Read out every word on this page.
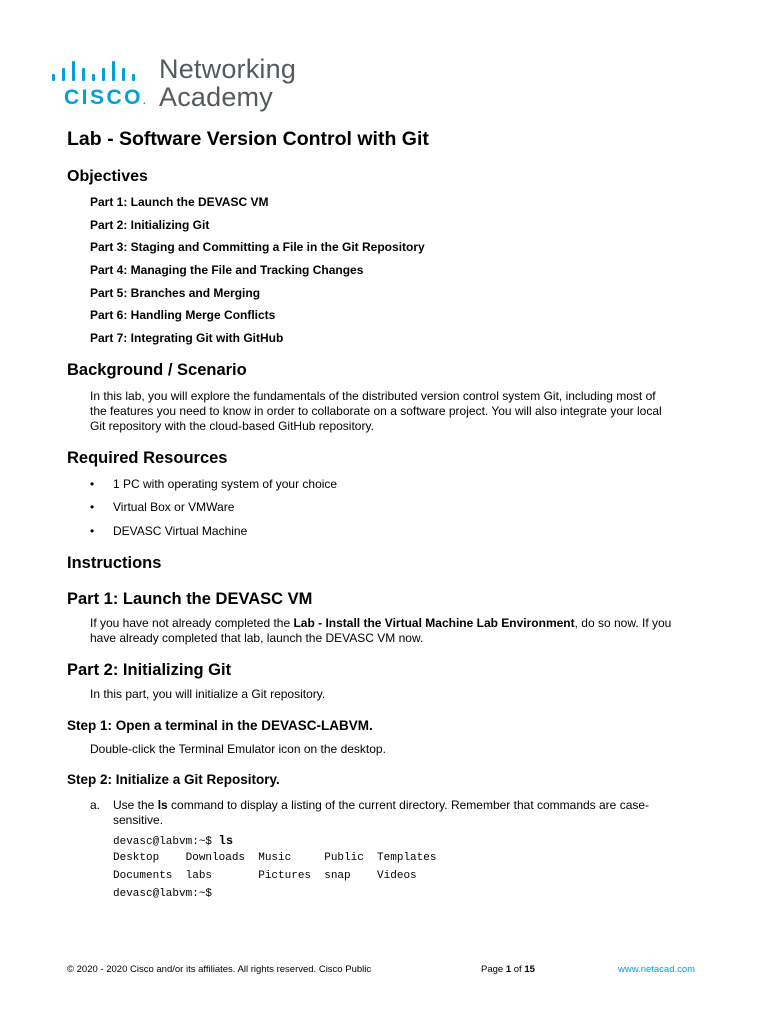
CISCO.
Networking
Academy
Lab - Software Version Control with Git
Objectives
Part 1: Launch the DEVASC VM
Part 2: Initializing Git
Part 3: Staging and Committing a File in the Git Repository
Part 4: Managing the File and Tracking Changes
Part 5: Branches and Merging
Part 6: Handling Merge Conflicts
Part 7: Integrating Git with GitHub
Background / Scenario
In this lab, you will explore the fundamentals of the distributed version control system Git, including most of
the features you need to know in order to collaborate on a software project. You will also integrate your local
Git repository with the cloud-based GitHub repository.
Required Resources
• 1 PC with operating system of your choice
• Virtual Box or VMWare
• DEVASC Virtual Machine
Instructions
Part 1: Launch the DEVASC VM
If you have not already completed the Lab - Install the Virtual Machine Lab Environment, do so now. If you
have already completed that lab, launch the DEVASC VM now.
Part 2: Initializing Git
In this part, you will initialize a Git repository.
Step 1: Open a terminal in the DEVASC-LABVM.
Double-click the Terminal Emulator icon on the desktop.
Step 2: Initialize a Git Repository.
a. Use the ls command to display a listing of the current directory. Remember that commands are case-
sensitive.
devasc@labvm:~$ ls
Desktop    Downloads  Music     Public  Templates
Documents  labs       Pictures  snap    Videos
devasc@labvm:~$
© 2020 - 2020 Cisco and/or its affiliates. All rights reserved. Cisco Public	Page 1 of 15	www.netacad.com
